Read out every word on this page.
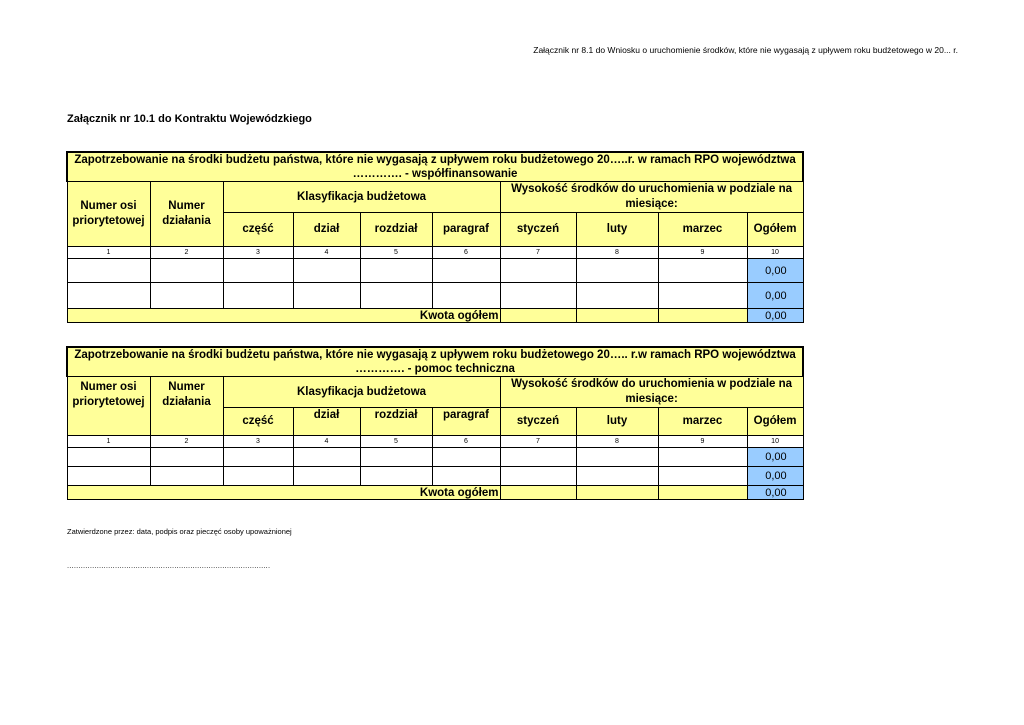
Załącznik nr 8.1 do Wniosku o uruchomienie środków, które nie wygasają z upływem roku budżetowego w 20... r.
Załącznik nr 10.1 do Kontraktu Wojewódzkiego
Zapotrzebowanie na środki budżetu państwa, które nie wygasają z upływem roku budżetowego 20…..r. w ramach RPO województwa …………. - współfinansowanie									
Numer osi priorytetowej	Numer działania	Klasyfikacja budżetowa				Wysokość środków do uruchomienia w podziale na miesiące:			
		część	dział	rozdział	paragraf	styczeń	luty	marzec	Ogółem
1	2	3	4	5	6	7	8	9	10
									0,00
									0,00
Kwota ogółem									0,00
Zapotrzebowanie na środki budżetu państwa, które nie wygasają z upływem roku budżetowego 20….. r.w ramach RPO województwa …………. - pomoc techniczna									
Numer osi priorytetowej	Numer działania	Klasyfikacja budżetowa				Wysokość środków do uruchomienia w podziale na miesiące:			
		część	dział	rozdział	paragraf	styczeń	luty	marzec	Ogółem
1	2	3	4	5	6	7	8	9	10
									0,00
									0,00
Kwota ogółem									0,00
Zatwierdzone przez: data, podpis oraz pieczęć osoby upoważnionej
.........................................................................................
